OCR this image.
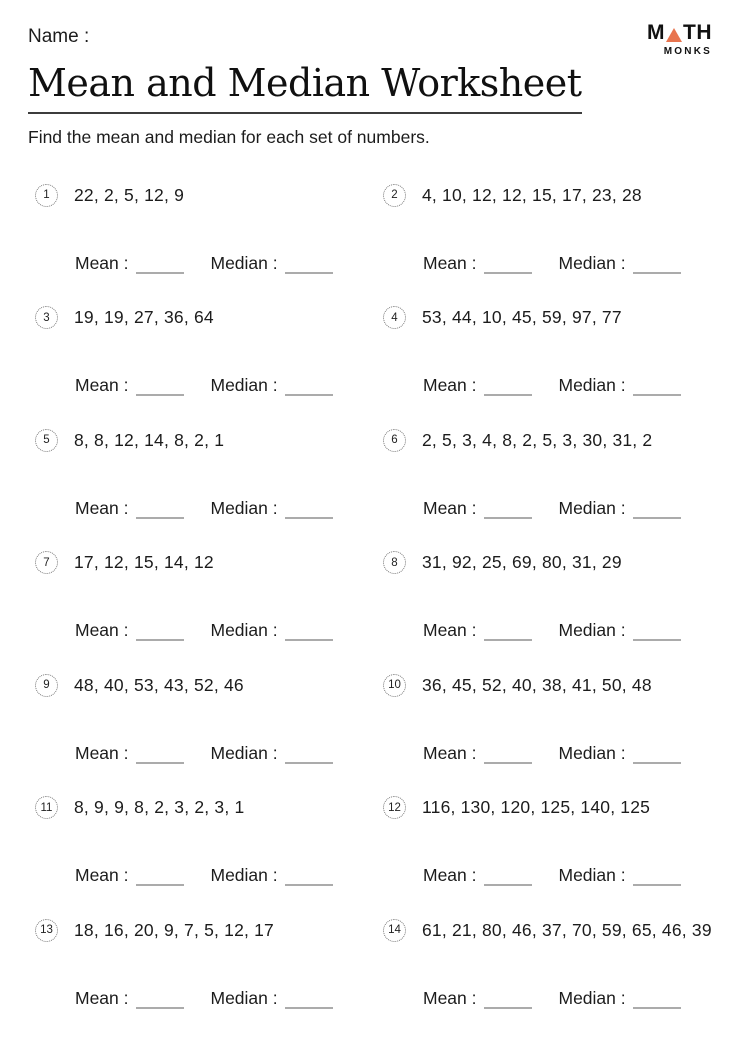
Name :	M TH
MONKS
Mean and Median Worksheet
Find the mean and median for each set of numbers.
1	22, 2, 5, 12, 9
Mean :	Median :
2	4, 10, 12, 12, 15, 17, 23, 28
Mean :	Median :
3	19, 19, 27, 36, 64
Mean :	Median :
4	53, 44, 10, 45, 59, 97, 77
Mean :	Median :
5	8, 8, 12, 14, 8, 2, 1
Mean :	Median :
6	2, 5, 3, 4, 8, 2, 5, 3, 30, 31, 2
Mean :	Median :
7	17, 12, 15, 14, 12
Mean :	Median :
8	31, 92, 25, 69, 80, 31, 29
Mean :	Median :
9	48, 40, 53, 43, 52, 46
Mean :	Median :
10 36, 45, 52, 40, 38, 41, 50, 48
Mean :	Median :
11	8, 9, 9, 8, 2, 3, 2, 3, 1
Mean :	Median :
12 116, 130, 120, 125, 140, 125
Mean :	Median :
13 18, 16, 20, 9, 7, 5, 12, 17
Mean :	Median :
14 61, 21, 80, 46, 37, 70, 59, 65, 46, 39
Mean :	Median :
